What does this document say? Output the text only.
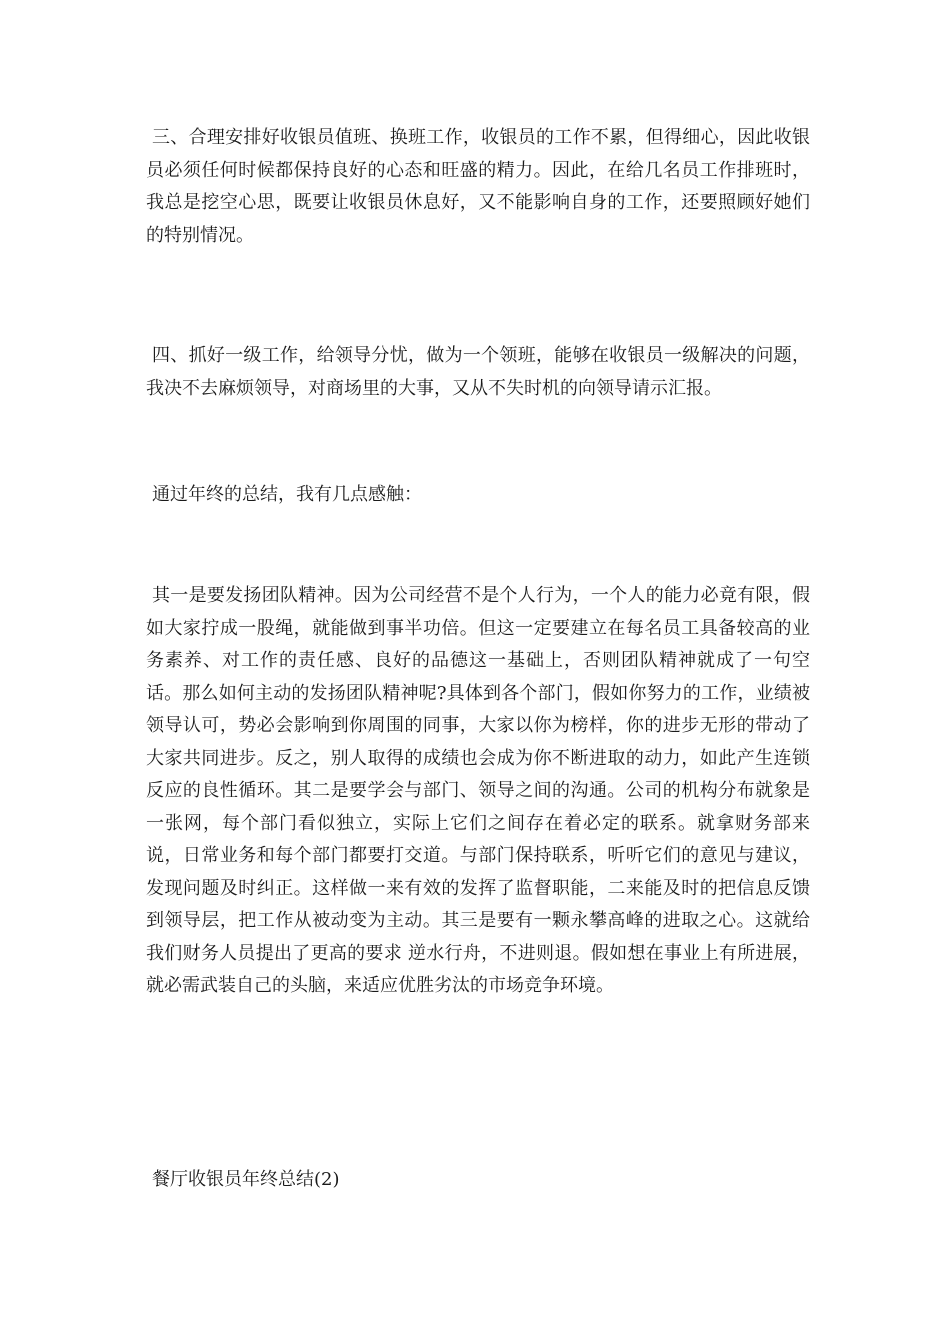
三、合理安排好收银员值班、换班工作，收银员的工作不累，但得细心，因此收银员必须任何时候都保持良好的心态和旺盛的精力。因此，在给几名员工作排班时，我总是挖空心思，既要让收银员休息好，又不能影响自身的工作，还要照顾好她们的特别情况。

四、抓好一级工作，给领导分忧，做为一个领班，能够在收银员一级解决的问题，我决不去麻烦领导，对商场里的大事，又从不失时机的向领导请示汇报。

通过年终的总结，我有几点感触：

其一是要发扬团队精神。因为公司经营不是个人行为，一个人的能力必竟有限，假如大家拧成一股绳，就能做到事半功倍。但这一定要建立在每名员工具备较高的业务素养、对工作的责任感、良好的品德这一基础上，否则团队精神就成了一句空话。那么如何主动的发扬团队精神呢?具体到各个部门，假如你努力的工作，业绩被领导认可，势必会影响到你周围的同事，大家以你为榜样，你的进步无形的带动了大家共同进步。反之，别人取得的成绩也会成为你不断进取的动力，如此产生连锁反应的良性循环。其二是要学会与部门、领导之间的沟通。公司的机构分布就象是一张网，每个部门看似独立，实际上它们之间存在着必定的联系。就拿财务部来说，日常业务和每个部门都要打交道。与部门保持联系，听听它们的意见与建议，发现问题及时纠正。这样做一来有效的发挥了监督职能，二来能及时的把信息反馈到领导层，把工作从被动变为主动。其三是要有一颗永攀高峰的进取之心。这就给我们财务人员提出了更高的要求 逆水行舟，不进则退。假如想在事业上有所进展，就必需武装自己的头脑，来适应优胜劣汰的市场竞争环境。

餐厅收银员年终总结(2)
